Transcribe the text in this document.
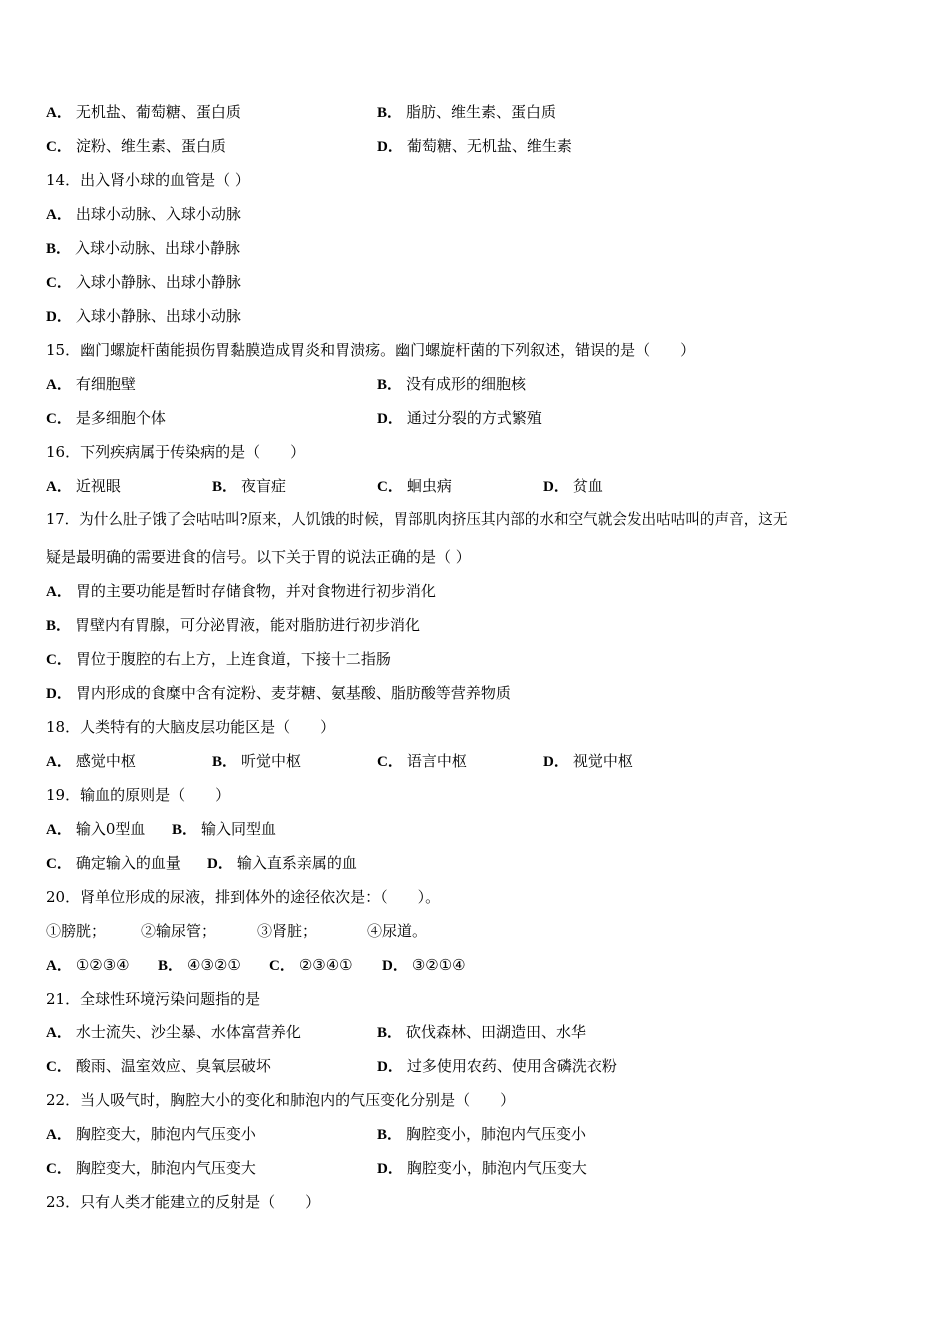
A． 无机盐、葡萄糖、蛋白质	B． 脂肪、维生素、蛋白质
C． 淀粉、维生素、蛋白质	D． 葡萄糖、无机盐、维生素
14．出入肾小球的血管是（ ）
A． 出球小动脉、入球小动脉
B． 入球小动脉、出球小静脉
C． 入球小静脉、出球小静脉
D． 入球小静脉、出球小动脉
15．幽门螺旋杆菌能损伤胃黏膜造成胃炎和胃溃疡。幽门螺旋杆菌的下列叙述，错误的是（　　）
A． 有细胞壁	B． 没有成形的细胞核
C． 是多细胞个体	D． 通过分裂的方式繁殖
16．下列疾病属于传染病的是（　　）
A． 近视眼	B． 夜盲症	C． 蛔虫病	D． 贫血
17．为什么肚子饿了会咕咕叫?原来，人饥饿的时候，胃部肌肉挤压其内部的水和空气就会发出咕咕叫的声音，这无
疑是最明确的需要进食的信号。以下关于胃的说法正确的是（ ）
A． 胃的主要功能是暂时存储食物，并对食物进行初步消化
B． 胃壁内有胃腺，可分泌胃液，能对脂肪进行初步消化
C． 胃位于腹腔的右上方，上连食道，下接十二指肠
D． 胃内形成的食糜中含有淀粉、麦芽糖、氨基酸、脂肪酸等营养物质
18．人类特有的大脑皮层功能区是（　　）
A． 感觉中枢	B． 听觉中枢	C． 语言中枢	D． 视觉中枢
19．输血的原则是（　　）
A． 输入0型血 B． 输入同型血
C． 确定输入的血量 D． 输入直系亲属的血
20．肾单位形成的尿液，排到体外的途径依次是：（　　）。
①膀胱； ②输尿管；	③肾脏；	④尿道。
A． ①②③④ B． ④③②① C． ②③④① D． ③②①④
21．全球性环境污染问题指的是
A． 水士流失、沙尘暴、水体富营养化	B． 砍伐森林、田湖造田、水华
C． 酸雨、温室效应、臭氧层破坏	D． 过多使用农药、使用含磷洗衣粉
22．当人吸气时，胸腔大小的变化和肺泡内的气压变化分别是（　　）
A． 胸腔变大，肺泡内气压变小	B． 胸腔变小，肺泡内气压变小
C． 胸腔变大，肺泡内气压变大	D． 胸腔变小，肺泡内气压变大
23．只有人类才能建立的反射是（　　）
